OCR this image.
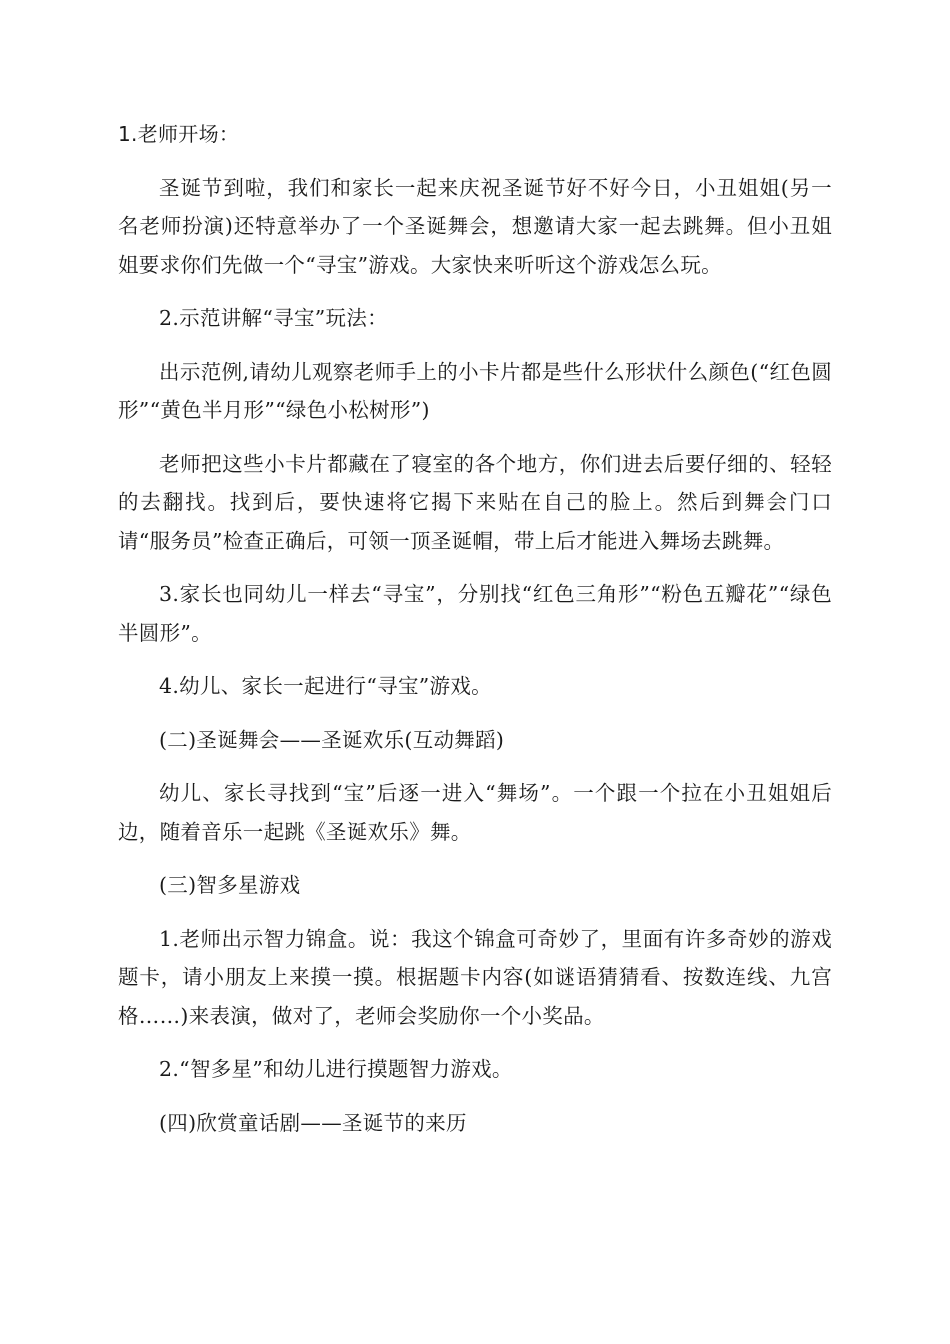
1.老师开场：

圣诞节到啦，我们和家长一起来庆祝圣诞节好不好今日，小丑姐姐(另一名老师扮演)还特意举办了一个圣诞舞会，想邀请大家一起去跳舞。但小丑姐姐要求你们先做一个“寻宝”游戏。大家快来听听这个游戏怎么玩。

2.示范讲解“寻宝”玩法：

出示范例,请幼儿观察老师手上的小卡片都是些什么形状什么颜色(“红色圆形”“黄色半月形”“绿色小松树形”)

老师把这些小卡片都藏在了寝室的各个地方，你们进去后要仔细的、轻轻的去翻找。找到后，要快速将它揭下来贴在自己的脸上。然后到舞会门口请“服务员”检查正确后，可领一顶圣诞帽，带上后才能进入舞场去跳舞。

3.家长也同幼儿一样去“寻宝”，分别找“红色三角形”“粉色五瓣花”“绿色半圆形”。

4.幼儿、家长一起进行“寻宝”游戏。

(二)圣诞舞会——圣诞欢乐(互动舞蹈)

幼儿、家长寻找到“宝”后逐一进入“舞场”。一个跟一个拉在小丑姐姐后边，随着音乐一起跳《圣诞欢乐》舞。

(三)智多星游戏

1.老师出示智力锦盒。说：我这个锦盒可奇妙了，里面有许多奇妙的游戏题卡，请小朋友上来摸一摸。根据题卡内容(如谜语猜猜看、按数连线、九宫格……)来表演，做对了，老师会奖励你一个小奖品。

2.“智多星”和幼儿进行摸题智力游戏。

(四)欣赏童话剧——圣诞节的来历
